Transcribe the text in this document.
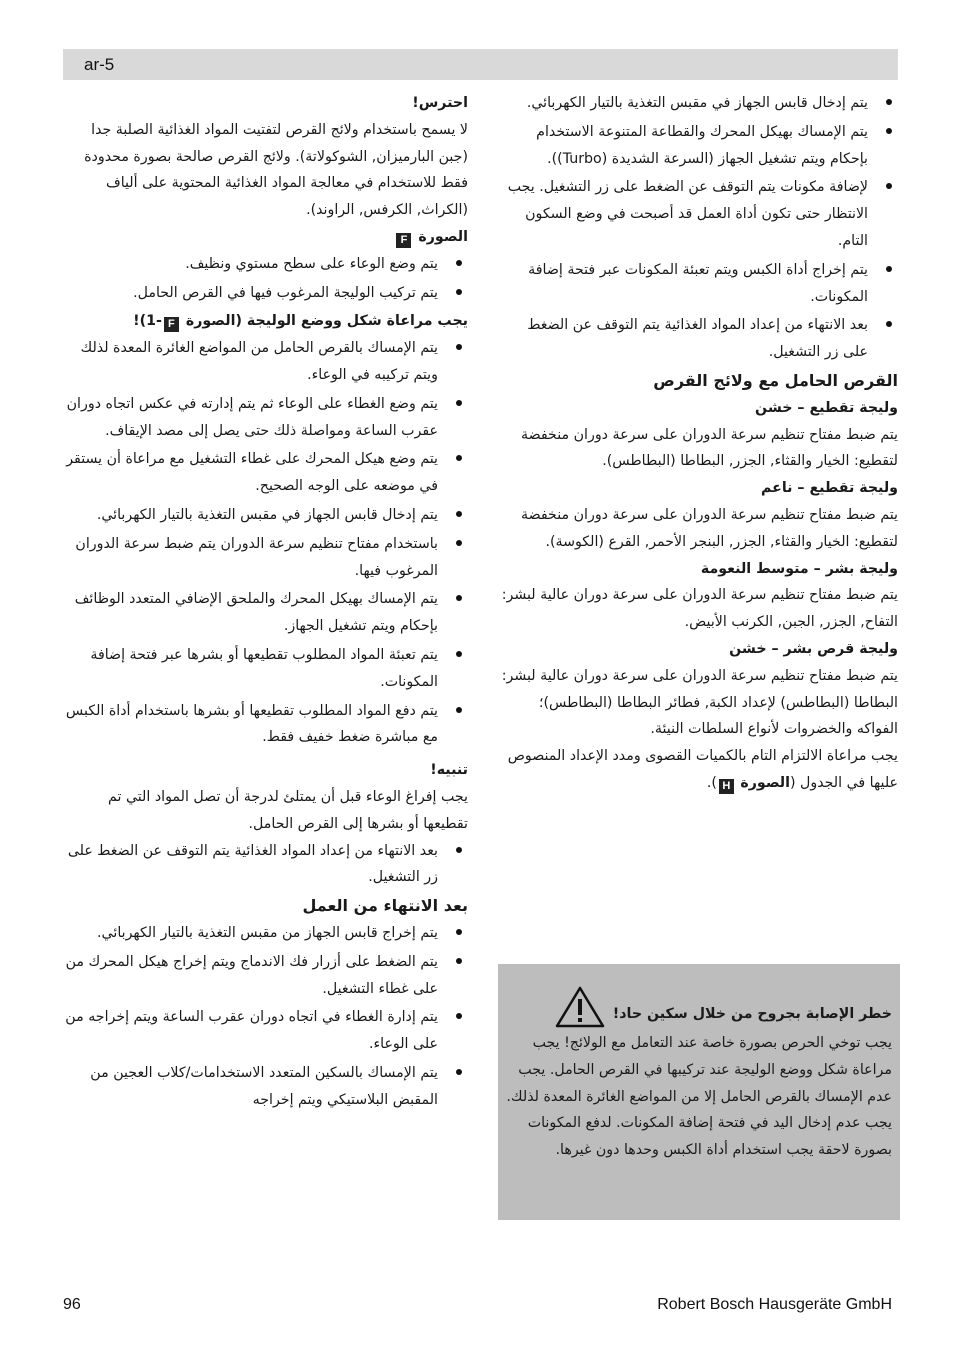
ar-5
يتم إدخال قابس الجهاز في مقبس التغذية بالتيار الكهربائي.
يتم الإمساك بهيكل المحرك والقطاعة المتنوعة الاستخدام بإحكام ويتم تشغيل الجهاز (السرعة الشديدة (Turbo)).
لإضافة مكونات يتم التوقف عن الضغط على زر التشغيل. يجب الانتظار حتى تكون أداة العمل قد أصبحت في وضع السكون التام.
يتم إخراج أداة الكبس ويتم تعبئة المكونات عبر فتحة إضافة المكونات.
بعد الانتهاء من إعداد المواد الغذائية يتم التوقف عن الضغط على زر التشغيل.

القرص الحامل مع ولائج القرص

وليجة تقطيع – خشن

يتم ضبط مفتاح تنظيم سرعة الدوران على سرعة دوران منخفضة لتقطيع: الخيار والقثاء, الجزر, البطاطا (البطاطس).

وليجة تقطيع – ناعم

يتم ضبط مفتاح تنظيم سرعة الدوران على سرعة دوران منخفضة لتقطيع: الخيار والقثاء, الجزر, البنجر الأحمر, القرع (الكوسة).

وليجة بشر – متوسط النعومة

يتم ضبط مفتاح تنظيم سرعة الدوران على سرعة دوران عالية لبشر: التفاح, الجزر, الجبن, الكرنب الأبيض.

وليجة قرص بشر – خشن

يتم ضبط مفتاح تنظيم سرعة الدوران على سرعة دوران عالية لبشر: البطاطا (البطاطس) لإعداد الكبة, فطائر البطاطا (البطاطس)؛ الفواكه والخضروات لأنواع السلطات النيئة.

يجب مراعاة الالتزام التام بالكميات القصوى ومدد الإعداد المنصوص عليها في الجدول (الصورة H).

خطر الإصابة بجروح من خلال سكين حاد!

يجب توخي الحرص بصورة خاصة عند التعامل مع الولائج! يجب مراعاة شكل ووضع الوليجة عند تركيبها في القرص الحامل. يجب عدم الإمساك بالقرص الحامل إلا من المواضع الغائرة المعدة لذلك.

يجب عدم إدخال اليد في فتحة إضافة المكونات. لدفع المكونات بصورة لاحقة يجب استخدام أداة الكبس وحدها دون غيرها.

احترس!

لا يسمح باستخدام ولائج القرص لتفتيت المواد الغذائية الصلبة جدا (جبن البارميزان, الشوكولاتة). ولائج القرص صالحة بصورة محدودة فقط للاستخدام في معالجة المواد الغذائية المحتوية على ألياف (الكراث, الكرفس, الراوند).

الصورة F

يتم وضع الوعاء على سطح مستوي ونظيف.
يتم تركيب الوليجة المرغوب فيها في القرص الحامل.

يجب مراعاة شكل ووضع الوليجة (الصورة F-1)!

يتم الإمساك بالقرص الحامل من المواضع الغائرة المعدة لذلك ويتم تركيبه في الوعاء.
يتم وضع الغطاء على الوعاء ثم يتم إدارته في عكس اتجاه دوران عقرب الساعة ومواصلة ذلك حتى يصل إلى مصد الإيقاف.
يتم وضع هيكل المحرك على غطاء التشغيل مع مراعاة أن يستقر في موضعه على الوجه الصحيح.
يتم إدخال قابس الجهاز في مقبس التغذية بالتيار الكهربائي.
باستخدام مفتاح تنظيم سرعة الدوران يتم ضبط سرعة الدوران المرغوب فيها.
يتم الإمساك بهيكل المحرك والملحق الإضافي المتعدد الوظائف بإحكام ويتم تشغيل الجهاز.
يتم تعبئة المواد المطلوب تقطيعها أو بشرها عبر فتحة إضافة المكونات.
يتم دفع المواد المطلوب تقطيعها أو بشرها باستخدام أداة الكبس مع مباشرة ضغط خفيف فقط.

تنبيه!

يجب إفراغ الوعاء قبل أن يمتلئ لدرجة أن تصل المواد التي تم تقطيعها أو بشرها إلى القرص الحامل.

بعد الانتهاء من إعداد المواد الغذائية يتم التوقف عن الضغط على زر التشغيل.

بعد الانتهاء من العمل

يتم إخراج قابس الجهاز من مقبس التغذية بالتيار الكهربائي.
يتم الضغط على أزرار فك الاندماج ويتم إخراج هيكل المحرك من على غطاء التشغيل.
يتم إدارة الغطاء في اتجاه دوران عقرب الساعة ويتم إخراجه من على الوعاء.
يتم الإمساك بالسكين المتعدد الاستخدامات/كلاب العجين من المقبض البلاستيكي ويتم إخراجه
96	Robert Bosch Hausgeräte GmbH
